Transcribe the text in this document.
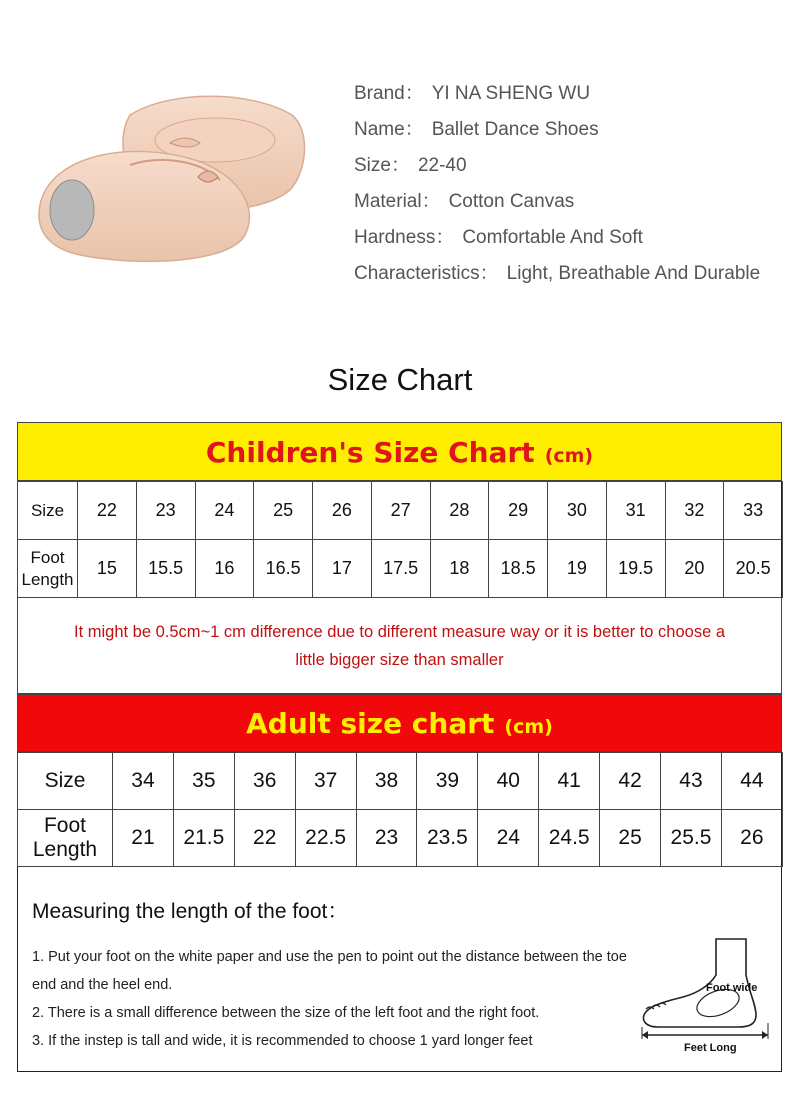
Brand： YI NA SHENG WU
Name： Ballet Dance Shoes
Size： 22-40
Material： Cotton Canvas
Hardness： Comfortable And Soft
Characteristics： Light, Breathable And Durable
Size Chart
Children's Size Chart (cm)
Size	22	23	24	25	26	27	28	29	30	31	32	33
Foot
Length	15	15.5	16	16.5	17	17.5	18	18.5	19	19.5	20	20.5
It might be 0.5cm~1 cm difference due to different measure way or it is better to choose a little bigger size than smaller
Adult size chart (cm)
Size	34	35	36	37	38	39	40	41	42	43	44
Foot
Length	21	21.5	22	22.5	23	23.5	24	24.5	25	25.5	26
Measuring the length of the foot：
1. Put your foot on the white paper and use the pen to point out the distance between the toe end and the heel end.
2. There is a small difference between the size of the left foot and the right foot.
3. If the instep is tall and wide, it is recommended to choose 1 yard longer feet
Foot wide
Feet Long
